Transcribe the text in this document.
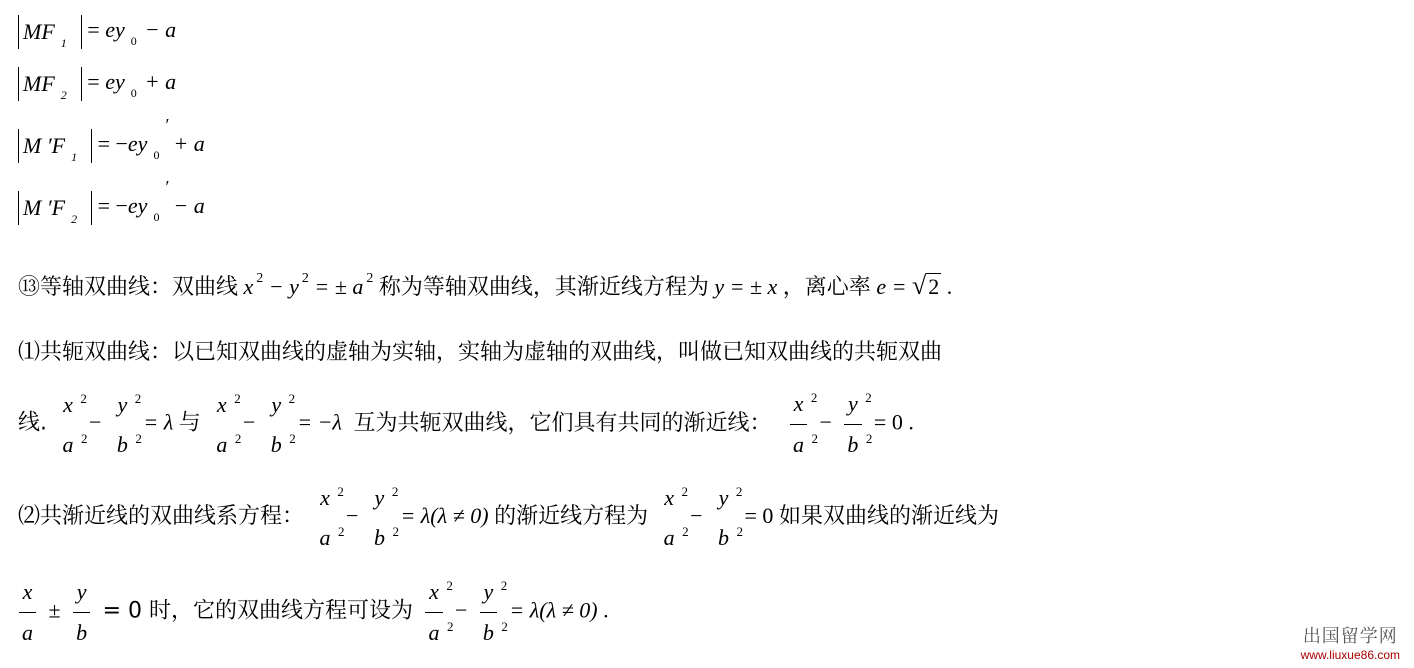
MF $_1$ = ey $_0$ − a
MF $_2$ = ey $_0$ + a
M ′F $_1$ = −ey $_0$′+ a
M ′F $_2$ = −ey $_0$′− a
⑬等轴双曲线：双曲线 x $^2$ − y $^2$ = ± a $^2$ 称为等轴双曲线，其渐近线方程为 y = ± x ，离心率 e = √2 .
⑴共轭双曲线：以已知双曲线的虚轴为实轴，实轴为虚轴的双曲线，叫做已知双曲线的共轭双曲
线.
x 2
a 2
−
y 2
b 2
= λ 与
x 2
a 2
−
y 2
b 2
= −λ 互为共轭双曲线，它们具有共同的渐近线： $\frac{x 2}{a 2} - \frac{y 2}{b 2} = 0$ .
⑵共渐近线的双曲线系方程：
x 2
a 2
−
y 2
b 2
= λ(λ ≠ 0) 的渐近线方程为
x 2
a 2
−
y 2
b 2
= 0 如果双曲线的渐近线为
$\frac{x}{a} \pm \frac{y}{b} = 0$ 时，它的双曲线方程可设为 $\frac{x 2}{a 2} - \frac{y 2}{b 2} = \lambda(\lambda \ne 0)$ .
出国留学网
www.liuxue86.com
